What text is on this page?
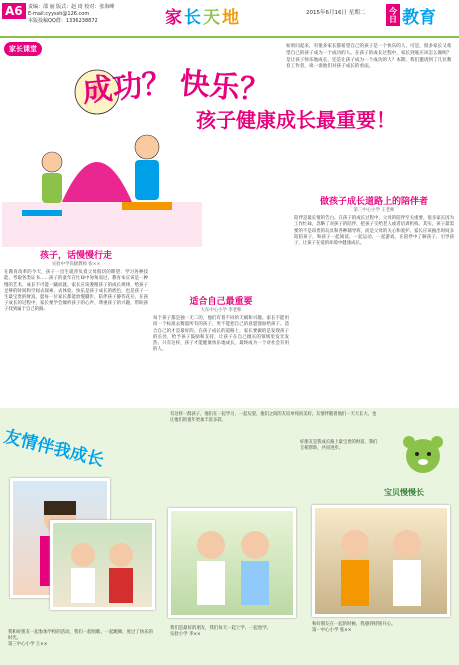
A6	责编：邵 丽 版式：赵 琦 校对：张海峰
E-mail:cyyssh@126.com
本版投稿QQ群：1336238872	家长天地	2015年6月16日 星期二	今日 教育
家长课堂
成功？ 快乐？
孩子健康成长最重要！
如果问起来，有很多家长都希望自己的孩子是一个快乐的人，可是，很多家长又希望自己的孩子成为一个成功的人。在孩子的成长过程中，家长到底应该怎么做呢？是让孩子快乐地成长，还是让孩子成为一个成功的人？本期，我们邀请到了几位教育工作者，谈一谈他们对孩子成长的看法。
孩子，话慢慢行走
实验中学高级教师 张××
在教育改革的今天，孩子一出生就背负着父母殷切的期望：学习各种技能、考取各类证书……孩子的童年在忙碌中匆匆而过。教育本应该是一种慢的艺术，成长不可能一蹴而就。家长应该遵循孩子的成长规律，给孩子足够的时间和空间去探索、去体验。快乐是孩子成长的底色，也是孩子一生最宝贵的财富。愿每一位家长都能放慢脚步，陪伴孩子静待花开。在孩子成长的过程中，家长要学会倾听孩子的心声，尊重孩子的兴趣，帮助孩子找到属于自己的路。
适合自己最重要
大东中心小学 李老师
每个孩子都是独一无二的，他们有着不同的天赋和兴趣。家长不能用同一个标准去衡量所有的孩子，更不能把自己的意愿强加给孩子。适合自己的才是最好的。在孩子成长的道路上，家长要做的是发现孩子的长处，给予孩子鼓励和支持，让孩子在自己擅长的领域里发光发热。只有这样，孩子才能健康快乐地成长，最终成为一个对社会有用的人。
做孩子成长道路上的陪伴者
第三中心小学 王老师
陪伴是最长情的告白。在孩子的成长过程中，父母的陪伴至关重要。很多家长因为工作忙碌，忽略了对孩子的陪伴，把孩子交给老人或者培训机构。其实，孩子最需要的不是昂贵的玩具和各种辅导班，而是父母的关心和爱护。家长应该抽出时间多陪陪孩子，和孩子一起阅读、一起运动、一起游戏，在陪伴中了解孩子、引导孩子，让孩子在爱的环境中健康成长。
友情伴我成长
有这样一群孩子，他们在一起学习、一起玩耍，他们之间的友谊单纯而美好。友情伴随着他们一天天长大，也让他们的童年更加丰富多彩。
宝贝慢慢长
我和好朋友一起参加学校的活动，我们一起唱歌、一起跳舞，度过了快乐的时光。
第三中心小学 王××
我们是最好的朋友，我们每天一起上学、一起放学。
实验小学 李××
和好朋友在一起的时候，我感到特别开心。
第一中心小学 张××
好朋友是我成长路上最宝贵的财富，我们互相帮助、共同进步。
